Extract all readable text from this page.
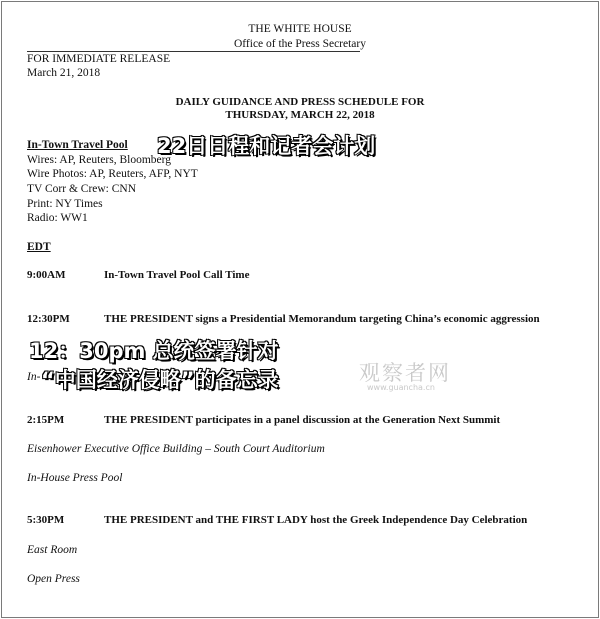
THE WHITE HOUSE
Office of the Press Secretary
FOR IMMEDIATE RELEASE
March 21, 2018
DAILY GUIDANCE AND PRESS SCHEDULE FOR
THURSDAY, MARCH 22, 2018
In-Town Travel Pool
Wires: AP, Reuters, Bloomberg
Wire Photos: AP, Reuters, AFP, NYT
TV Corr & Crew: CNN
Print: NY Times
Radio: WW1
EDT
9:00AM	In-Town Travel Pool Call Time
12:30PM	THE PRESIDENT signs a Presidential Memorandum targeting China’s economic aggression
In-
2:15PM	THE PRESIDENT participates in a panel discussion at the Generation Next Summit
Eisenhower Executive Office Building – South Court Auditorium
In-House Press Pool
5:30PM	THE PRESIDENT and THE FIRST LADY host the Greek Independence Day Celebration
East Room
Open Press
22日日程和记者会计划
12：30pm 总统签署针对
“中国经济侵略”的备忘录	观察者网
www.guancha.cn
